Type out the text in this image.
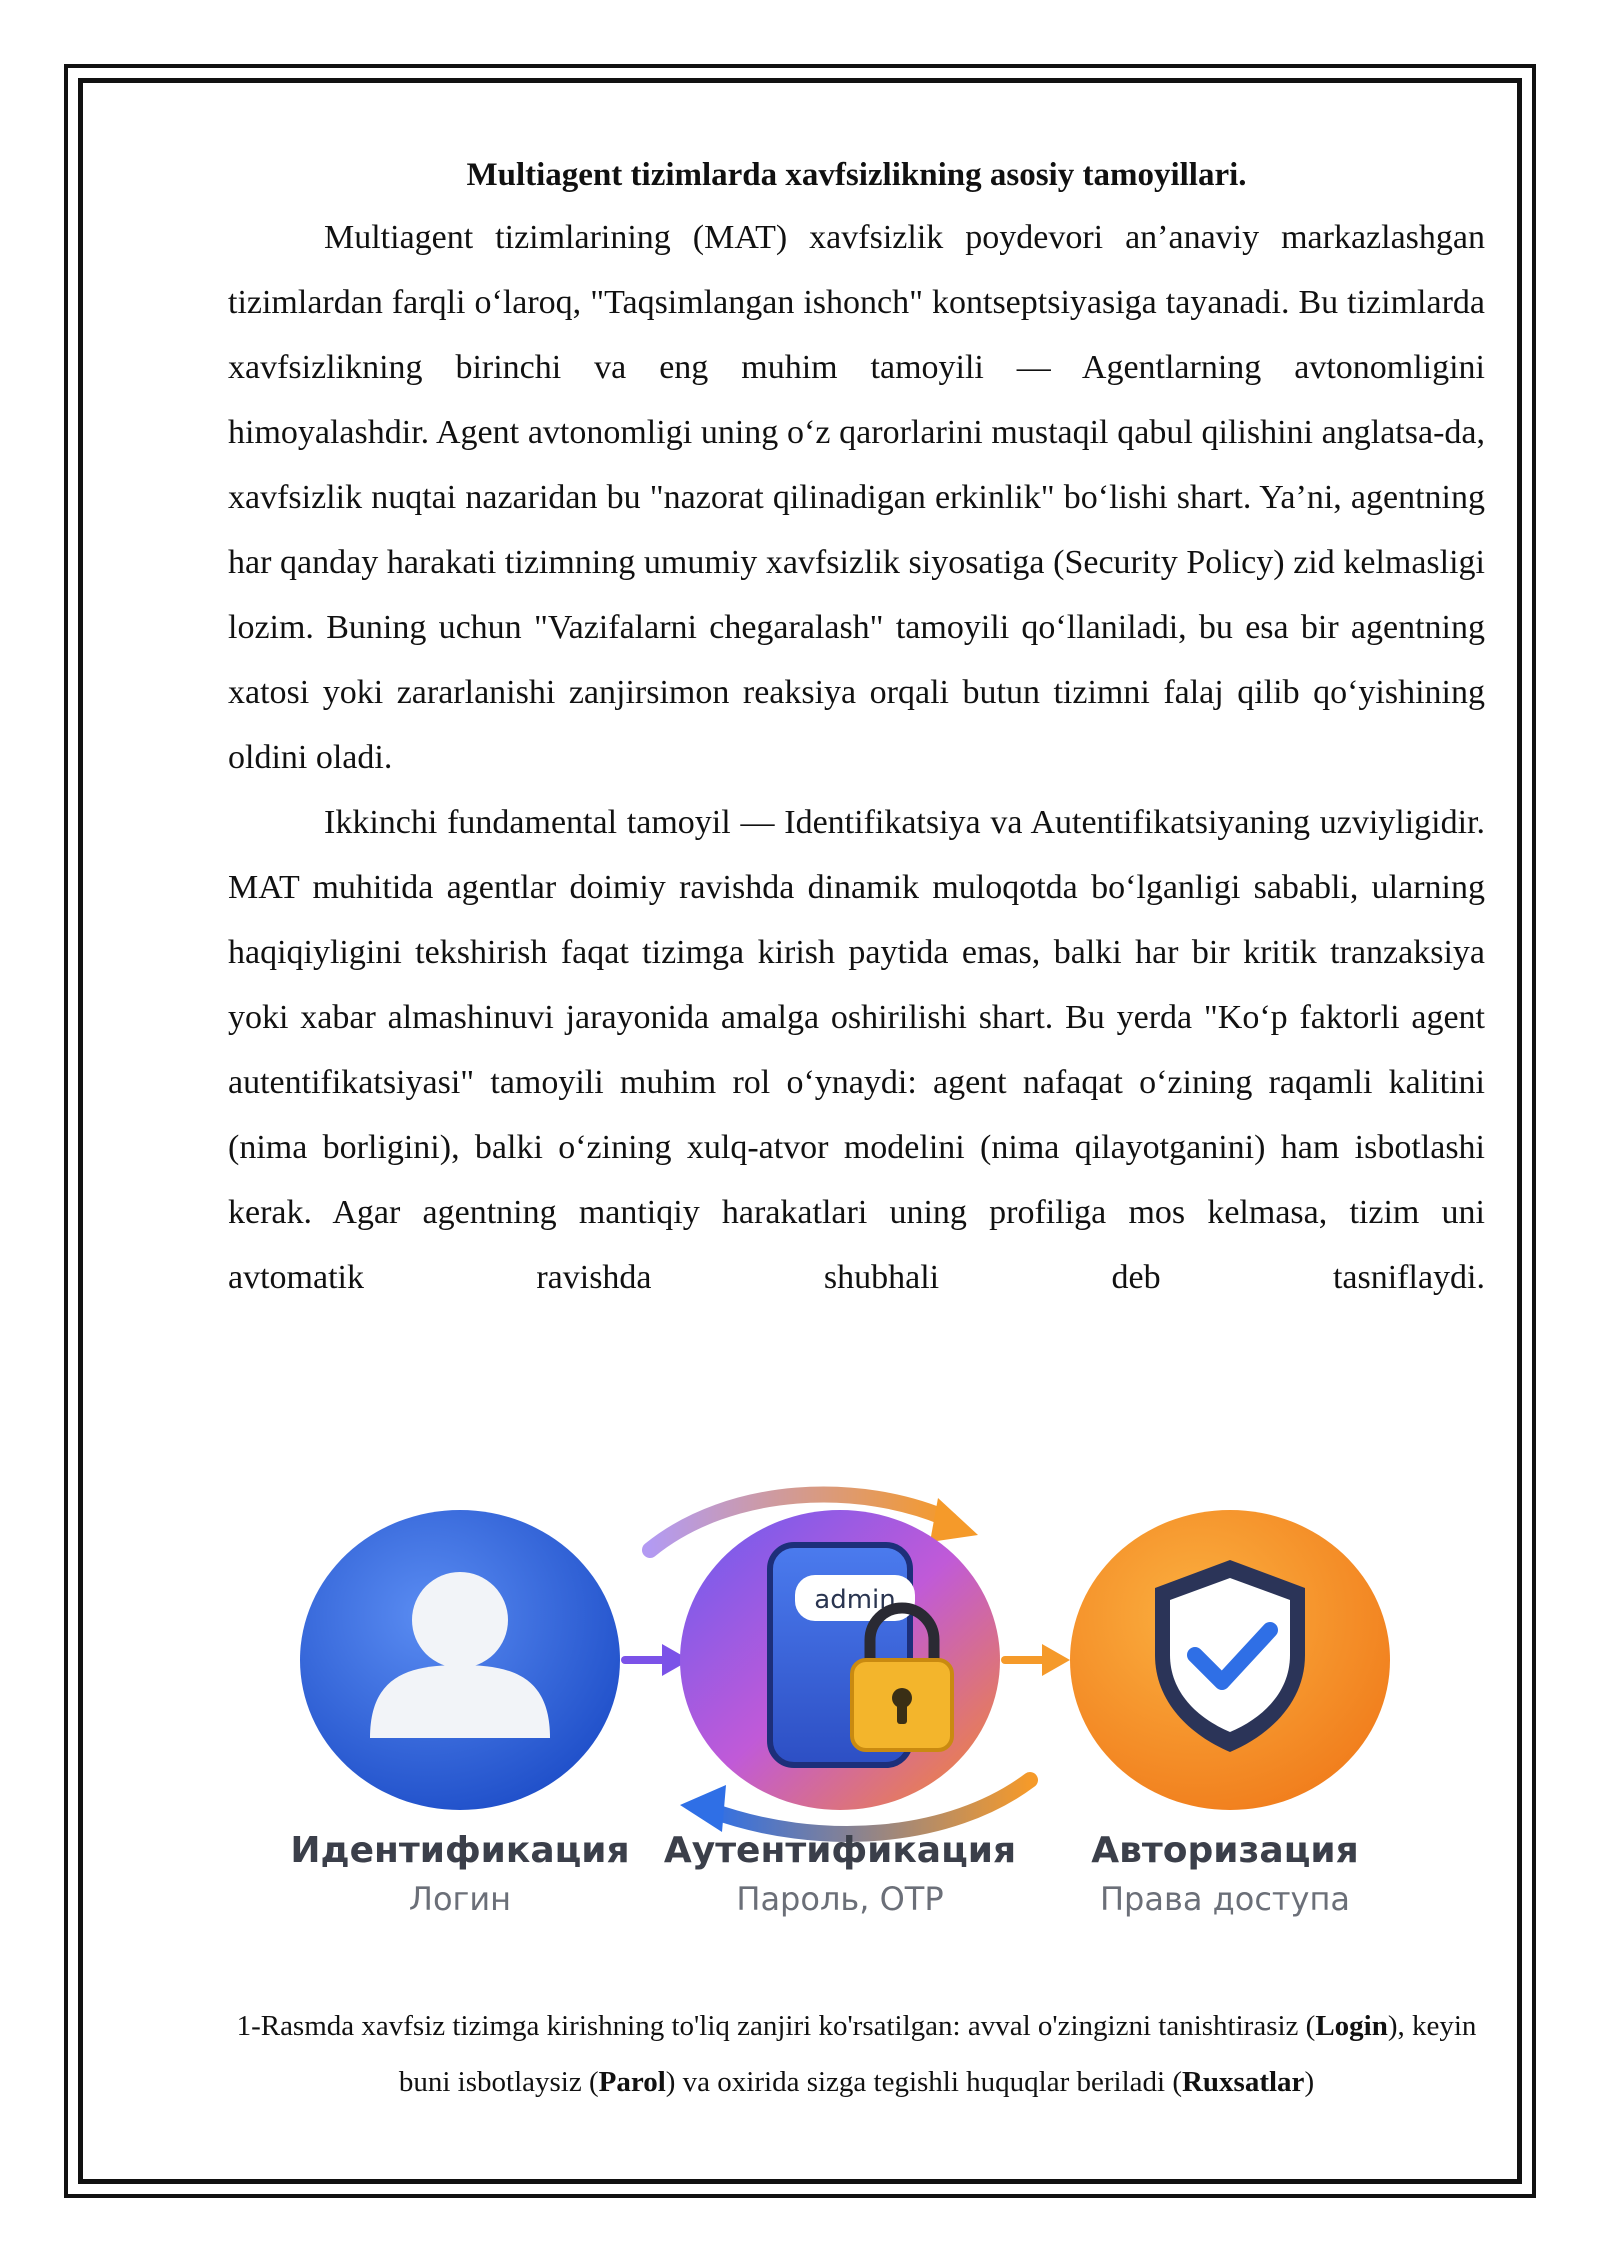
Multiagent tizimlarda xavfsizlikning asosiy tamoyillari.

Multiagent tizimlarining (MAT) xavfsizlik poydevori an’anaviy markazlashgan tizimlardan farqli oʻlaroq, "Taqsimlangan ishonch" kontseptsiyasiga tayanadi. Bu tizimlarda xavfsizlikning birinchi va eng muhim tamoyili — Agentlarning avtonomligini himoyalashdir. Agent avtonomligi uning oʻz qarorlarini mustaqil qabul qilishini anglatsa-da, xavfsizlik nuqtai nazaridan bu "nazorat qilinadigan erkinlik" boʻlishi shart. Ya’ni, agentning har qanday harakati tizimning umumiy xavfsizlik siyosatiga (Security Policy) zid kelmasligi lozim. Buning uchun "Vazifalarni chegaralash" tamoyili qoʻllaniladi, bu esa bir agentning xatosi yoki zararlanishi zanjirsimon reaksiya orqali butun tizimni falaj qilib qoʻyishining oldini oladi.

Ikkinchi fundamental tamoyil — Identifikatsiya va Autentifikatsiyaning uzviyligidir. MAT muhitida agentlar doimiy ravishda dinamik muloqotda boʻlganligi sababli, ularning haqiqiyligini tekshirish faqat tizimga kirish paytida emas, balki har bir kritik tranzaksiya yoki xabar almashinuvi jarayonida amalga oshirilishi shart. Bu yerda "Koʻp faktorli agent autentifikatsiyasi" tamoyili muhim rol oʻynaydi: agent nafaqat oʻzining raqamli kalitini (nima borligini), balki oʻzining xulq-atvor modelini (nima qilayotganini) ham isbotlashi kerak. Agar agentning mantiqiy harakatlari uning profiliga mos kelmasa, tizim uni avtomatik ravishda shubhali deb tasniflaydi.

admin
Идентификация
Логин
Аутентификация
Пароль, OTP
Авторизация
Права доступа

1-Rasmda xavfsiz tizimga kirishning to'liq zanjiri ko'rsatilgan: avval o'zingizni tanishtirasiz (Login), keyin buni isbotlaysiz (Parol) va oxirida sizga tegishli huquqlar beriladi (Ruxsatlar)
